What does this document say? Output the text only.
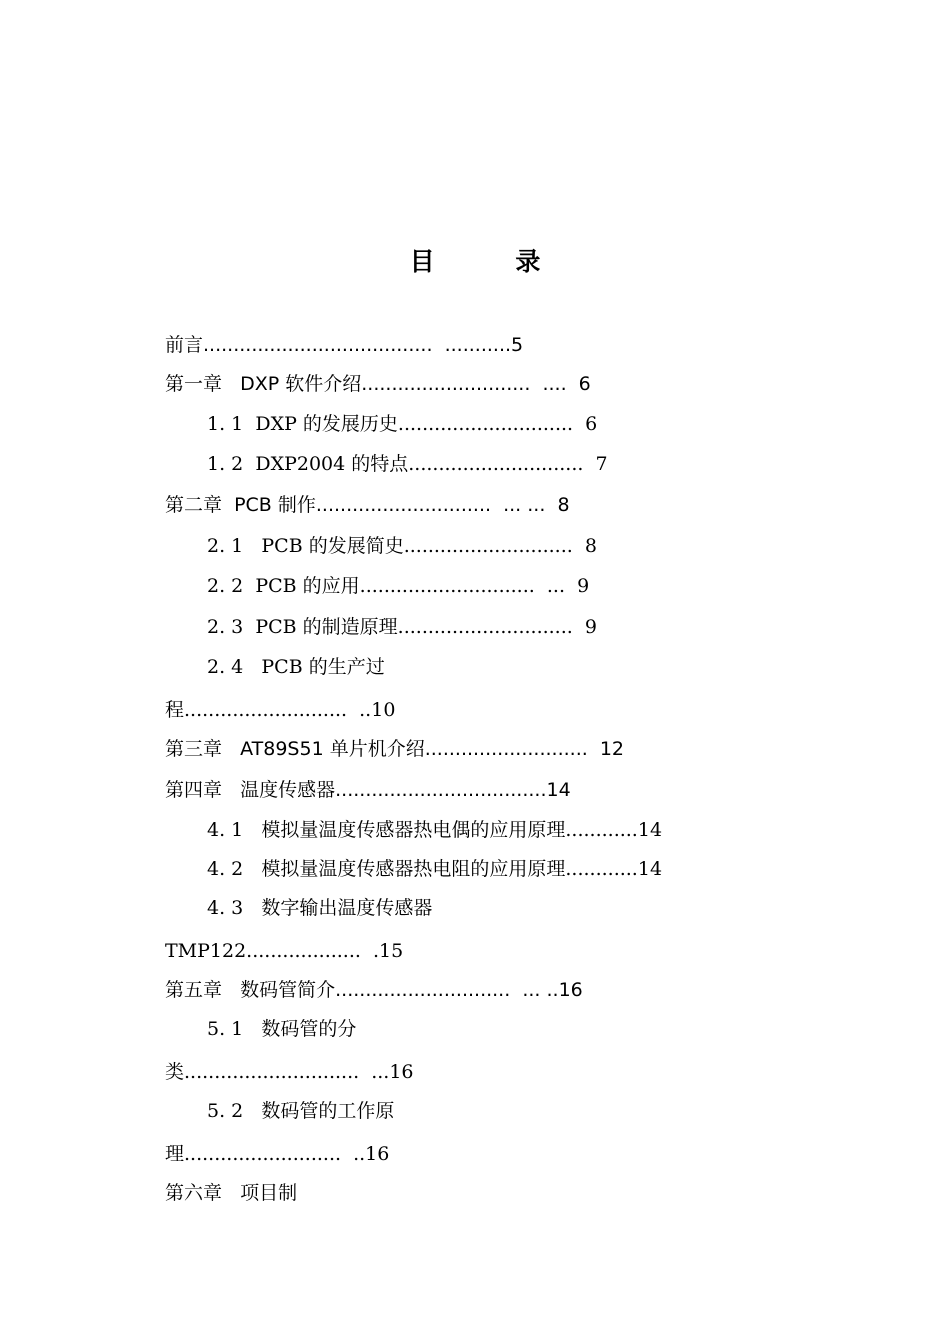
目 录
前言......................................  ...........5
第一章   DXP 软件介绍............................  ....  6
1. 1  DXP 的发展历史.............................  6
1. 2  DXP2004 的特点.............................  7
第二章  PCB 制作.............................  ... ...  8
2. 1   PCB 的发展简史............................  8
2. 2  PCB 的应用.............................  ...  9
2. 3  PCB 的制造原理.............................  9
2. 4   PCB 的生产过
程...........................  ..10
第三章   AT89S51 单片机介绍...........................  12
第四章   温度传感器...................................14
4. 1   模拟量温度传感器热电偶的应用原理............14
4. 2   模拟量温度传感器热电阻的应用原理............14
4. 3   数字输出温度传感器
TMP122...................  .15
第五章   数码管简介.............................  ... ..16
5. 1   数码管的分
类.............................  ...16
5. 2   数码管的工作原
理..........................  ..16
第六章   项目制
